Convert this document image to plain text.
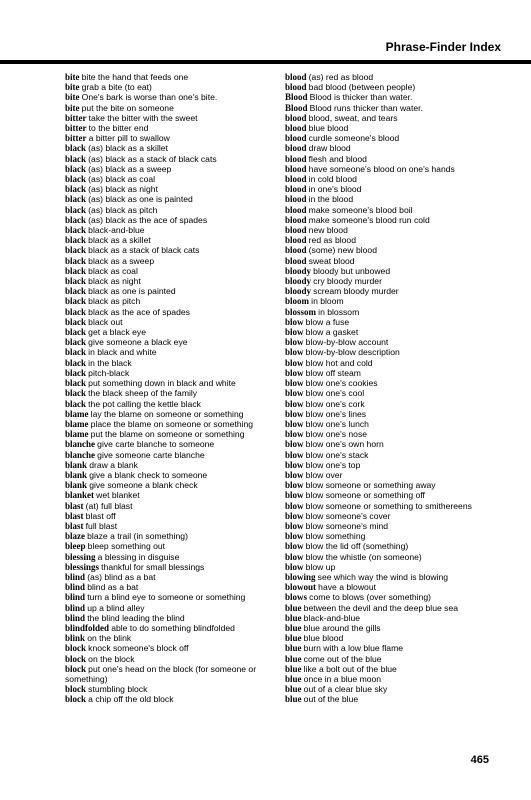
Phrase-Finder Index
bite bite the hand that feeds one
bite grab a bite (to eat)
bite One's bark is worse than one's bite.
bite put the bite on someone
bitter take the bitter with the sweet
bitter to the bitter end
bitter a bitter pill to swallow
black (as) black as a skillet
black (as) black as a stack of black cats
black (as) black as a sweep
black (as) black as coal
black (as) black as night
black (as) black as one is painted
black (as) black as pitch
black (as) black as the ace of spades
black black-and-blue
black black as a skillet
black black as a stack of black cats
black black as a sweep
black black as coal
black black as night
black black as one is painted
black black as pitch
black black as the ace of spades
black black out
black get a black eye
black give someone a black eye
black in black and white
black in the black
black pitch-black
black put something down in black and white
black the black sheep of the family
black the pot calling the kettle black
blame lay the blame on someone or something
blame place the blame on someone or something
blame put the blame on someone or something
blanche give carte blanche to someone
blanche give someone carte blanche
blank draw a blank
blank give a blank check to someone
blank give someone a blank check
blanket wet blanket
blast (at) full blast
blast blast off
blast full blast
blaze blaze a trail (in something)
bleep bleep something out
blessing a blessing in disguise
blessings thankful for small blessings
blind (as) blind as a bat
blind blind as a bat
blind turn a blind eye to someone or something
blind up a blind alley
blind the blind leading the blind
blindfolded able to do something blindfolded
blink on the blink
block knock someone's block off
block on the block
block put one's head on the block (for someone or something)
block stumbling block
block a chip off the old block
blood (as) red as blood
blood bad blood (between people)
Blood Blood is thicker than water.
Blood Blood runs thicker than water.
blood blood, sweat, and tears
blood blue blood
blood curdle someone's blood
blood draw blood
blood flesh and blood
blood have someone's blood on one's hands
blood in cold blood
blood in one's blood
blood in the blood
blood make someone's blood boil
blood make someone's blood run cold
blood new blood
blood red as blood
blood (some) new blood
blood sweat blood
bloody bloody but unbowed
bloody cry bloody murder
bloody scream bloody murder
bloom in bloom
blossom in blossom
blow blow a fuse
blow blow a gasket
blow blow-by-blow account
blow blow-by-blow description
blow blow hot and cold
blow blow off steam
blow blow one's cookies
blow blow one's cool
blow blow one's cork
blow blow one's lines
blow blow one's lunch
blow blow one's nose
blow blow one's own horn
blow blow one's stack
blow blow one's top
blow blow over
blow blow someone or something away
blow blow someone or something off
blow blow someone or something to smithereens
blow blow someone's cover
blow blow someone's mind
blow blow something
blow blow the lid off (something)
blow blow the whistle (on someone)
blow blow up
blowing see which way the wind is blowing
blowout have a blowout
blows come to blows (over something)
blue between the devil and the deep blue sea
blue black-and-blue
blue blue around the gills
blue blue blood
blue burn with a low blue flame
blue come out of the blue
blue like a bolt out of the blue
blue once in a blue moon
blue out of a clear blue sky
blue out of the blue
465
